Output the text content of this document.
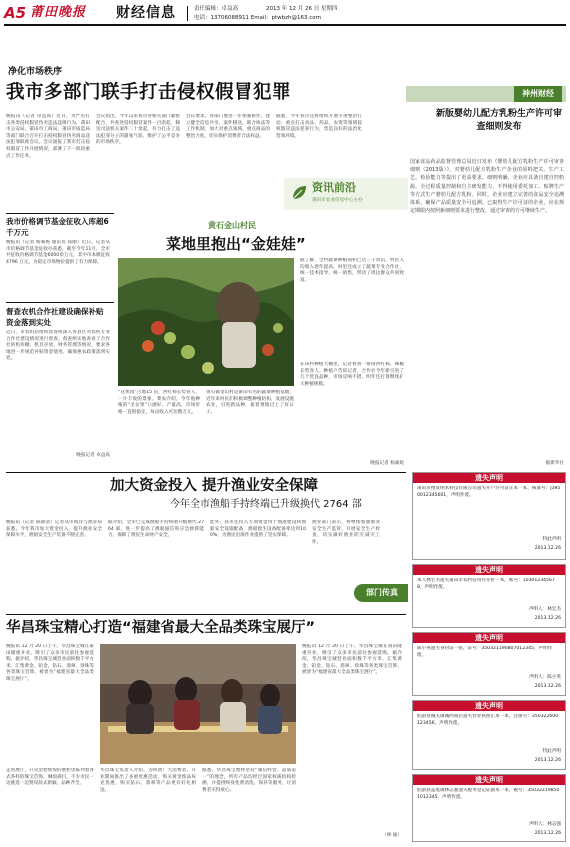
A5 莆田晚报 财经信息	责任编辑：卓益高	2013 年 12 月 26 日 星期四
电话：13706088911 Email：ptwbzh@163.com
净化市场秩序
我市多部门联手打击侵权假冒犯罪
晚报讯（记者 卓益高）近日，为严厉打击各类侵权假冒伪劣违法违规行为，莆田市公安局、莆田市工商局、莆田市质监局等部门联合召开打击侵权假冒伪劣商品违法犯罪联席会议。会议通报了我市打击侵权假冒工作开展情况，部署了下一阶段重点工作任务。
会议指出，今年以来我市各相关部门紧密配合，共查处侵权假冒案件一百余起，移送司法机关案件二十余起，有力打击了违法犯罪分子的嚣张气焰，维护了公平竞争的市场秩序。
会议要求，各部门要进一步加强协作，建立健全信息共享、案件移送、联合执法等工作机制，加大对重点领域、重点商品的整治力度，切实保护消费者合法权益。
据悉，今年我市还将组织开展专项整治行动，重点打击食品、药品、农资等领域侵权假冒违法犯罪行为，营造良好的法治化营商环境。
我市价格调节基金征收入库超6千万元
晚报讯（记者 杨素妮 通讯员 郑刚）近日，记者从市价格调节基金征收办获悉，截至今年11月，全市共征收价格调节基金6000余万元，其中市本级征收 4796 万元，为稳定市场物价提供了有力保障。
督查农机合作社建设确保补贴资金落到实处
近日，市农机站组织督查组深入各县区对农机专业合作社建设情况进行督查。督查组实地查看了合作社的机库棚、机具存放、财务管理等情况，要求各地进一步规范补贴资金使用，确保惠农政策落到实处。
晚报记者 卓益高
神州财经
新版婴幼儿配方乳粉生产许可审查细则发布
国家食品药品监督管理总局近日发布《婴幼儿配方乳粉生产许可审查细则（2013版）》，对婴幼儿配方乳粉生产企业的原料把关、生产工艺、检验能力等提出了更高要求。细则明确，企业应具备自建自控奶源、全过程质量控制和自主研发能力，不得使用委托加工、贴牌生产等方式生产婴幼儿配方乳粉。同时，企业应建立完善的食品安全追溯体系，确保产品质量安全可追溯。已取得生产许可证的企业，应在规定期限内按照新细则要求进行整改，通过审查的方可继续生产。
据新华社
资讯前沿
莆田市农业信息中心主办
黄石金山村民
菜地里抱出“金娃娃”
“花果园”占地15 亩，西红柿长势喜人，一片丰收的景象。菜农介绍，今年他种植的“圣女果”口感好、产量高，市场价格一直很稳定，每亩收入可达数万元。
黄石镇金山村是莆田有名的蔬菜种植基地，近年来村民们积极调整种植结构，发展设施农业，引进新品种，靠着菜地过上了好日子。
据了解，全村蔬菜种植面积已达三千余亩，村民人均收入逐年提高。村里还成立了蔬菜专业合作社，统一技术指导、统一销售，带动了周边群众共同致富。
在该村种植大棚里，记者看到一排排西红柿、辣椒长势喜人。种植户告诉记者，合作社今年新引进了几个优良品种，市场反响不错，明年还打算继续扩大种植规模。
晚报记者 杨素妮
加大资金投入 提升渔业安全保障
今年全市渔船手持终端已升级换代 2764 部
晚报讯（记者 陈锦清）记者从市海洋与渔业局获悉，今年我市加大资金投入，提升渔业安全保障水平，渔船安全生产装备不断完善。
据介绍，全市已完成渔船手持终端升级换代 2764 部，进一步提高了渔船通信和应急救援能力，保障了渔民生命财产安全。
此外，我市还投入专项资金用于渔港建设和渔船安全设施配备，渔船救生设备配备率达到100%，为渔民出海作业提供了坚实保障。
渔业部门表示，将继续加强渔业安全生产监管，开展安全生产检查，切实做好渔业防灾减灾工作。
部门传真
华昌珠宝精心打造“福建省最大全品类珠宝展厅”
晚报讯 12 月 20 日上午，华昌珠宝城在莆田隆重开业，吸引了众多市民前往参观选购。据介绍，华昌珠宝城营业面积数千平方米，汇集黄金、铂金、钻石、翡翠、珍珠等各类珠宝首饰，被誉为“福建省最大全品类珠宝展厅”。
走进展厅，只见金碧辉煌的展柜里陈列着各式各样的珠宝首饰，琳琅满目。不少市民一边挑选一边赞叹款式新颖、品种齐全。
华昌珠宝负责人介绍，为回馈广大消费者，开业期间推出了多重优惠活动，购买黄金饰品每克优惠，购买钻石、翡翠等产品更有好礼相送。
据悉，华昌珠宝始终坚持“诚信经营、品质第一”的理念，所有产品均经过国家权威机构检测，并提供终身免费清洗、保养等服务，让消费者买得放心。
晚报讯 12 月 20 日上午，华昌珠宝城在莆田隆重开业，吸引了众多市民前往参观选购。据介绍，华昌珠宝城营业面积数千平方米，汇集黄金、铂金、钻石、翡翠、珍珠等各类珠宝首饰，被誉为“福建省最大全品类珠宝展厅”。
（林 通）
遗失声明
莆田市搏发纳米科技有限公司遗失开户许可证正本一本，核准号：J3950012345601，声明作废。
特此声明
2013.12.26
遗失声明
本人林宏杰遗失莆田市农村信用社存折一本，账号：103012345678，声明作废。
声明人：林宏杰
2013.12.26
遗失声明
陈小英遗失身份证一张，证号：350321196807012345，声明作废。
声明人：陈小英
2013.12.26
遗失声明
仙游县城关镇城西商店遗失营业执照正本一本，注册号：350322600123456，声明作废。
特此声明
2013.12.26
遗失声明
仙游县盖尾镇林志强遗失税务登记证副本一本，税号：350322198501012345，声明作废。
声明人：林志强
2013.12.26
